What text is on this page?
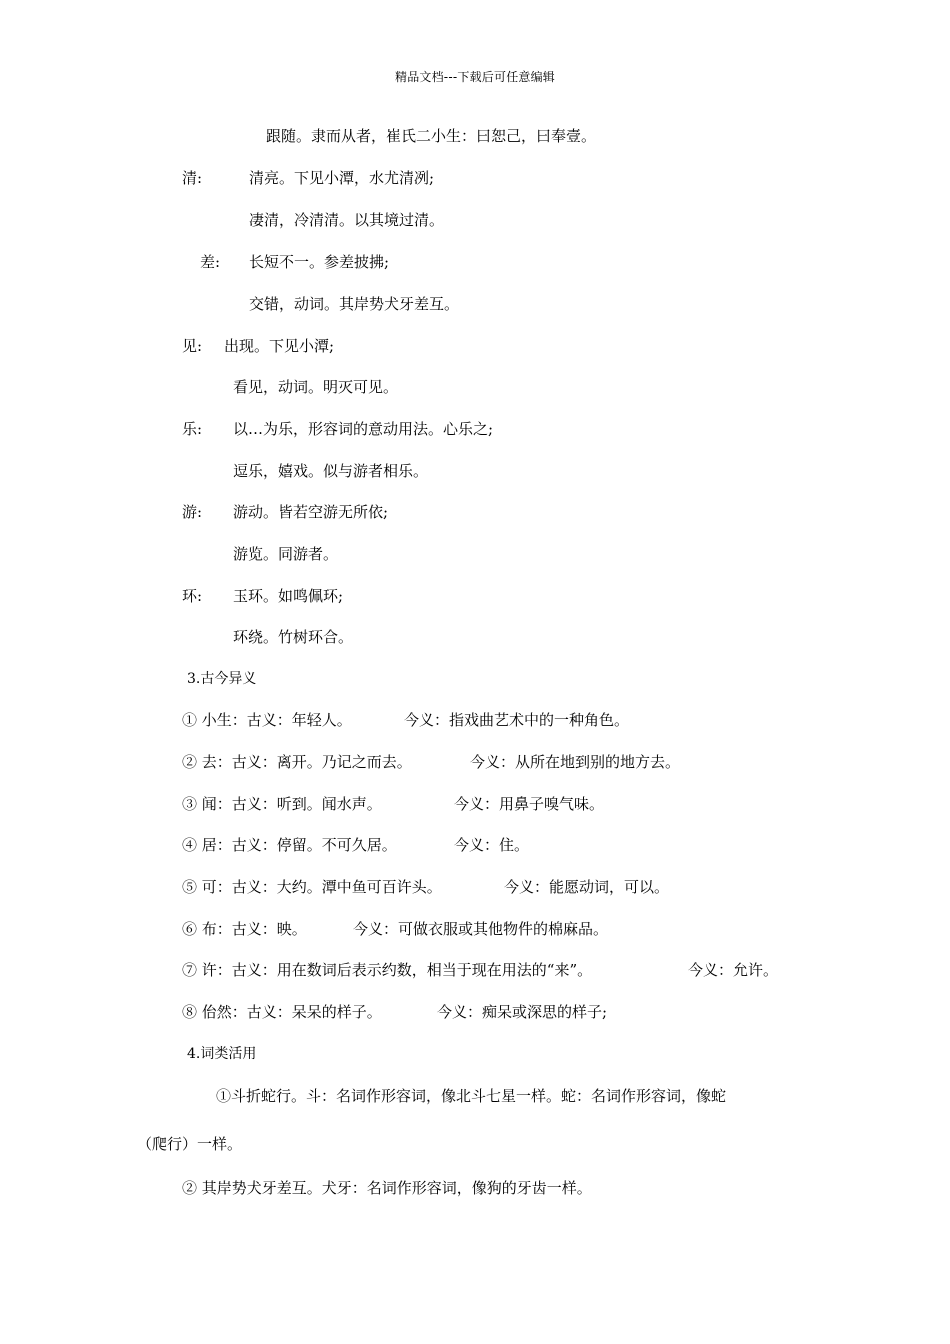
精品文档---下载后可任意编辑
跟随。隶而从者，崔氏二小生：曰恕己，曰奉壹。
清:	清亮。下见小潭，水尤清冽;
凄清，冷清清。以其境过清。
差: 长短不一。参差披拂;
交错，动词。其岸势犬牙差互。
见: 出现。下见小潭;
看见，动词。明灭可见。
乐: 以…为乐，形容词的意动用法。心乐之;
逗乐，嬉戏。似与游者相乐。
游: 游动。皆若空游无所依;
游览。同游者。
环: 玉环。如鸣佩环;
环绕。竹树环合。
3.古今异义
① 小生：古义：年轻人。	今义：指戏曲艺术中的一种角色。
② 去：古义：离开。乃记之而去。	今义：从所在地到别的地方去。
③ 闻：古义：听到。闻水声。	今义：用鼻子嗅气味。
④ 居：古义：停留。不可久居。	今义：住。
⑤ 可：古义：大约。潭中鱼可百许头。	今义：能愿动词，可以。
⑥ 布：古义：映。	今义：可做衣服或其他物件的棉麻品。
⑦ 许：古义：用在数词后表示约数，相当于现在用法的“来”。	今义：允许。
⑧ 佁然：古义：呆呆的样子。	今义：痴呆或深思的样子;
4.词类活用
①斗折蛇行。斗：名词作形容词，像北斗七星一样。蛇：名词作形容词，像蛇
（爬行）一样。
② 其岸势犬牙差互。犬牙：名词作形容词，像狗的牙齿一样。
